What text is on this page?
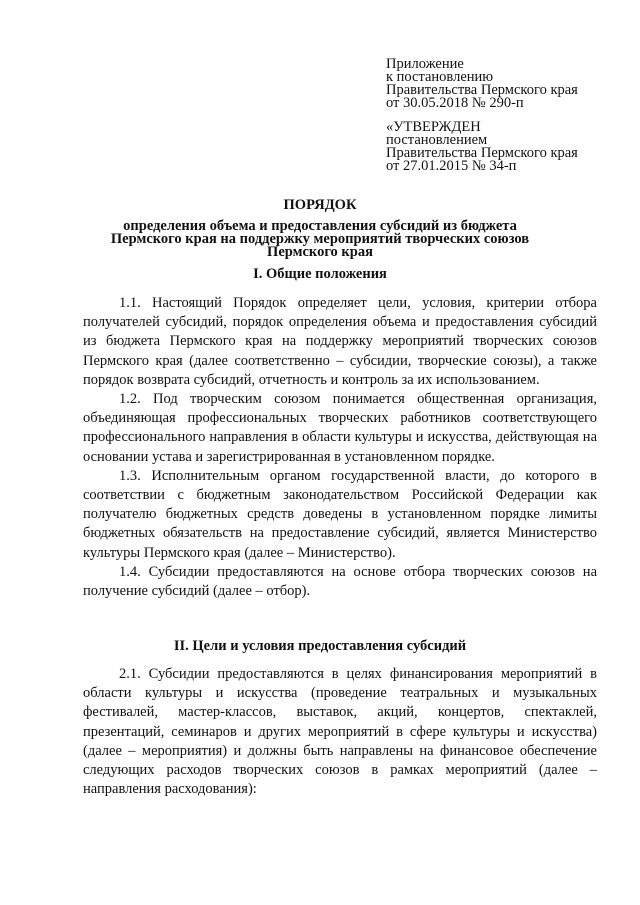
Приложение
к постановлению
Правительства Пермского края
от 30.05.2018 № 290-п
«УТВЕРЖДЕН
постановлением
Правительства Пермского края
от 27.01.2015 № 34-п
ПОРЯДОК
определения объема и предоставления субсидий из бюджета
Пермского края на поддержку мероприятий творческих союзов
Пермского края
I. Общие положения

1.1. Настоящий Порядок определяет цели, условия, критерии отбора получателей субсидий, порядок определения объема и предоставления субсидий из бюджета Пермского края на поддержку мероприятий творческих союзов Пермского края (далее соответственно – субсидии, творческие союзы), а также порядок возврата субсидий, отчетность и контроль за их использованием.

1.2. Под творческим союзом понимается общественная организация, объединяющая профессиональных творческих работников соответствующего профессионального направления в области культуры и искусства, действующая на основании устава и зарегистрированная в установленном порядке.

1.3. Исполнительным органом государственной власти, до которого в соответствии с бюджетным законодательством Российской Федерации как получателю бюджетных средств доведены в установленном порядке лимиты бюджетных обязательств на предоставление субсидий, является Министерство культуры Пермского края (далее – Министерство).

1.4. Субсидии предоставляются на основе отбора творческих союзов на получение субсидий (далее – отбор).

II. Цели и условия предоставления субсидий

2.1. Субсидии предоставляются в целях финансирования мероприятий в области культуры и искусства (проведение театральных и музыкальных фестивалей, мастер-классов, выставок, акций, концертов, спектаклей, презентаций, семинаров и других мероприятий в сфере культуры и искусства) (далее – мероприятия) и должны быть направлены на финансовое обеспечение следующих расходов творческих союзов в рамках мероприятий (далее – направления расходования):
